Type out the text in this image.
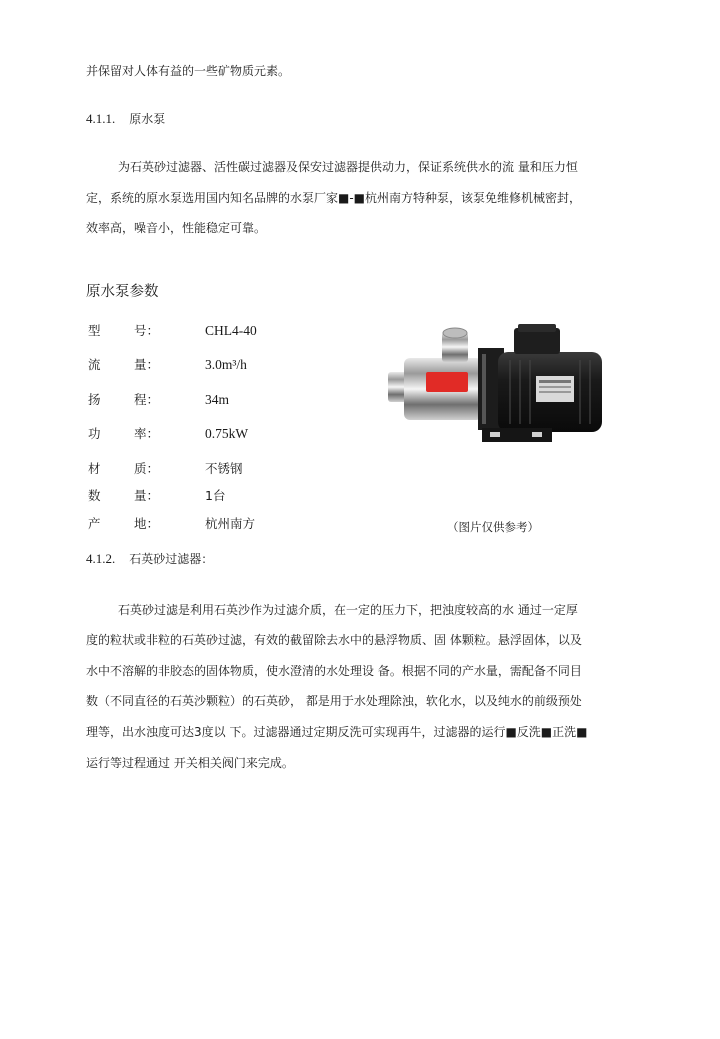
并保留对人体有益的一些矿物质元素。
4.1.1. 原水泵
为石英砂过滤器、活性碳过滤器及保安过滤器提供动力，保证系统供水的流 量和压力恒
定，系统的原水泵选用国内知名品牌的水泵厂家■-■杭州南方特种泵，该泵免维修机械密封，
效率高，噪音小，性能稳定可靠。
原水泵参数
型	号：	CHL4-40
流	量：	3.0m³/h
扬	程：	34m
功	率：	0.75kW
材	质：	不锈钢
数	量：	1台
产	地：	杭州南方	（图片仅供参考）
4.1.2. 石英砂过滤器：
石英砂过滤是利用石英沙作为过滤介质，在一定的压力下，把浊度较高的水 通过一定厚
度的粒状或非粒的石英砂过滤，有效的截留除去水中的悬浮物质、固 体颗粒。悬浮固体，以及
水中不溶解的非胶态的固体物质，使水澄清的水处理设 备。根据不同的产水量，需配备不同目
数（不同直径的石英沙颗粒）的石英砂， 都是用于水处理除浊，软化水，以及纯水的前级预处
理等，出水浊度可达3度以 下。过滤器通过定期反洗可实现再牛，过滤器的运行■反洗■正洗■
运行等过程通过 开关相关阀门来完成。
